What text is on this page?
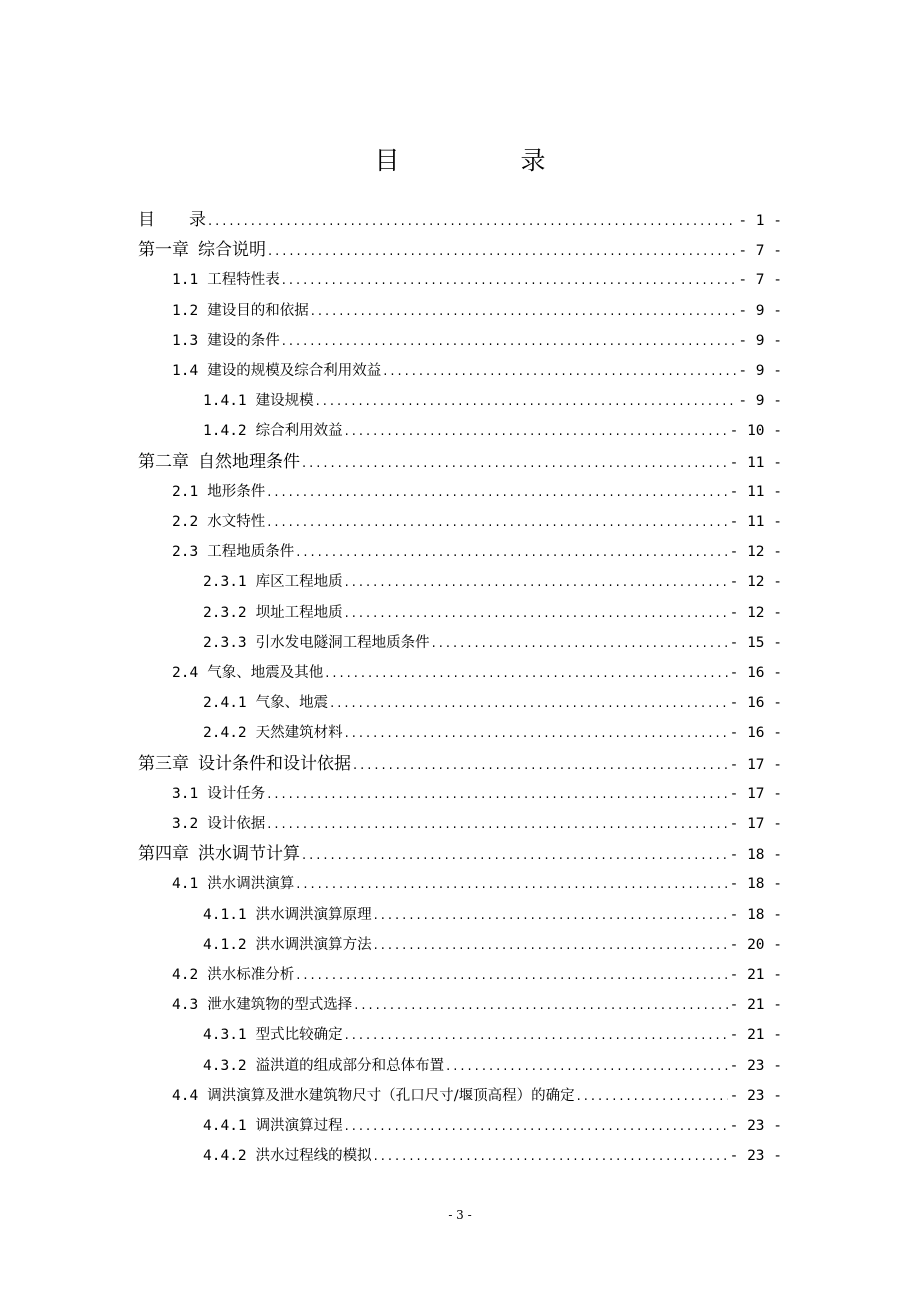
目　录
目　　录 .....	- 1 -
第一章 综合说明 .....	- 7 -
1.1 工程特性表 .....	- 7 -
1.2 建设目的和依据 .....	- 9 -
1.3 建设的条件 .....	- 9 -
1.4 建设的规模及综合利用效益 .....	- 9 -
1.4.1 建设规模 .....	- 9 -
1.4.2 综合利用效益 .....	- 10 -
第二章 自然地理条件 .....	- 11 -
2.1 地形条件 .....	- 11 -
2.2 水文特性 .....	- 11 -
2.3 工程地质条件 .....	- 12 -
2.3.1 库区工程地质 .....	- 12 -
2.3.2 坝址工程地质 .....	- 12 -
2.3.3 引水发电隧洞工程地质条件 .....	- 15 -
2.4 气象、地震及其他 .....	- 16 -
2.4.1 气象、地震 .....	- 16 -
2.4.2 天然建筑材料 .....	- 16 -
第三章 设计条件和设计依据 .....	- 17 -
3.1 设计任务 .....	- 17 -
3.2 设计依据 .....	- 17 -
第四章 洪水调节计算 .....	- 18 -
4.1 洪水调洪演算 .....	- 18 -
4.1.1 洪水调洪演算原理 .....	- 18 -
4.1.2 洪水调洪演算方法 .....	- 20 -
4.2 洪水标准分析 .....	- 21 -
4.3 泄水建筑物的型式选择 .....	- 21 -
4.3.1 型式比较确定 .....	- 21 -
4.3.2 溢洪道的组成部分和总体布置 .....	- 23 -
4.4 调洪演算及泄水建筑物尺寸（孔口尺寸/堰顶高程）的确定 .....	- 23 -
4.4.1 调洪演算过程 .....	- 23 -
4.4.2 洪水过程线的模拟 .....	- 23 -
- 3 -
